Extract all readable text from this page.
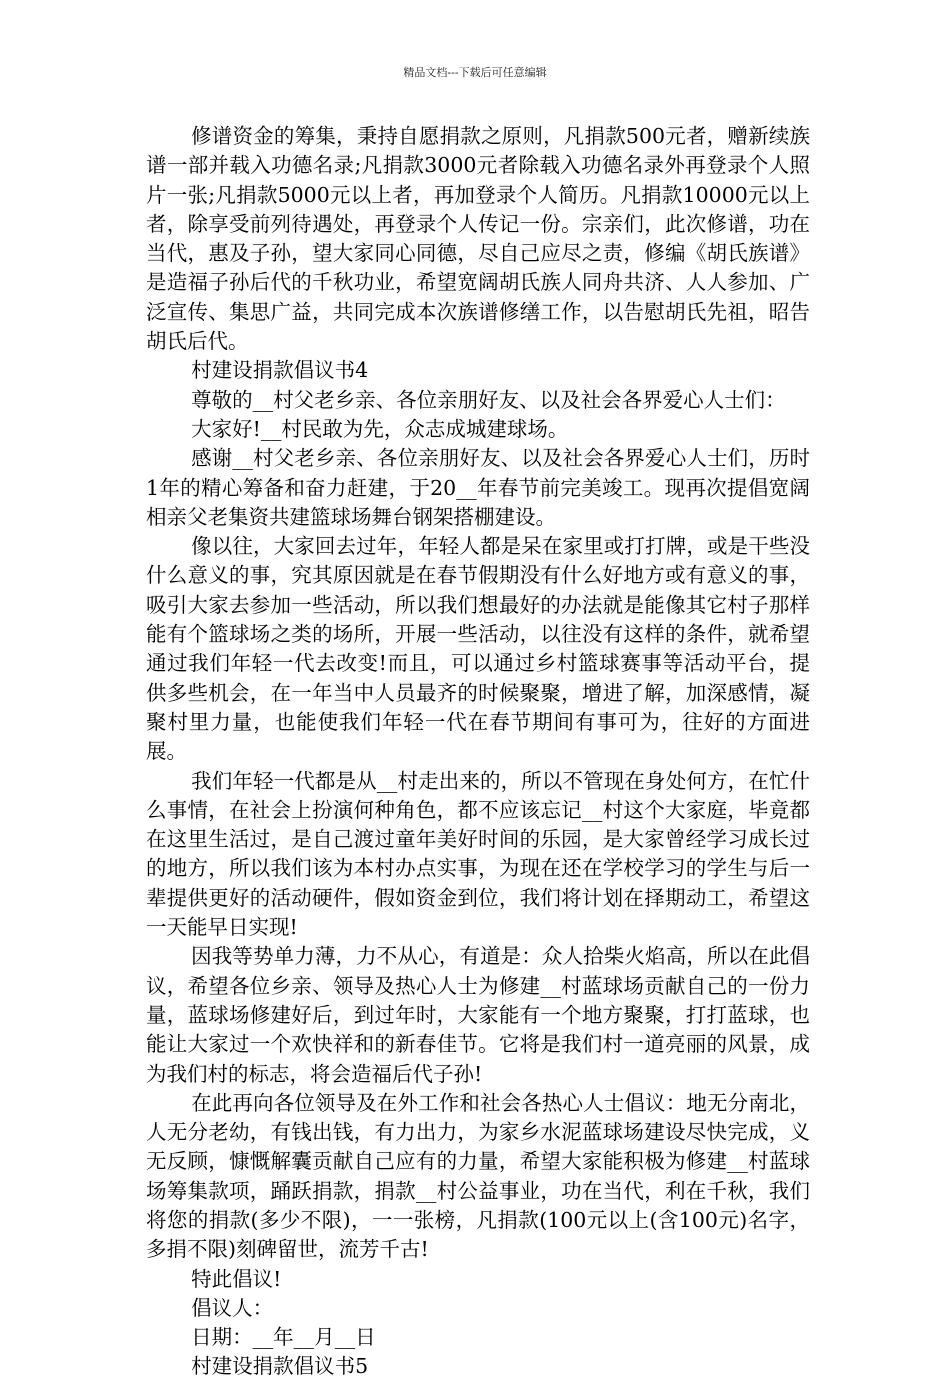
精品文档---下载后可任意编辑

修谱资金的筹集，秉持自愿捐款之原则，凡捐款500元者，赠新续族谱一部并载入功德名录;凡捐款3000元者除载入功德名录外再登录个人照片一张;凡捐款5000元以上者，再加登录个人简历。凡捐款10000元以上者，除享受前列待遇处，再登录个人传记一份。宗亲们，此次修谱，功在当代，惠及子孙，望大家同心同德，尽自己应尽之责，修编《胡氏族谱》是造福子孙后代的千秋功业，希望宽阔胡氏族人同舟共济、人人参加、广泛宣传、集思广益，共同完成本次族谱修缮工作，以告慰胡氏先祖，昭告胡氏后代。

村建设捐款倡议书4

尊敬的__村父老乡亲、各位亲朋好友、以及社会各界爱心人士们：

大家好!__村民敢为先，众志成城建球场。

感谢__村父老乡亲、各位亲朋好友、以及社会各界爱心人士们，历时1年的精心筹备和奋力赶建，于20__年春节前完美竣工。现再次提倡宽阔相亲父老集资共建篮球场舞台钢架搭棚建设。

像以往，大家回去过年，年轻人都是呆在家里或打打牌，或是干些没什么意义的事，究其原因就是在春节假期没有什么好地方或有意义的事，吸引大家去参加一些活动，所以我们想最好的办法就是能像其它村子那样能有个篮球场之类的场所，开展一些活动，以往没有这样的条件，就希望通过我们年轻一代去改变!而且，可以通过乡村篮球赛事等活动平台，提供多些机会，在一年当中人员最齐的时候聚聚，增进了解，加深感情，凝聚村里力量，也能使我们年轻一代在春节期间有事可为，往好的方面进展。

我们年轻一代都是从__村走出来的，所以不管现在身处何方，在忙什么事情，在社会上扮演何种角色，都不应该忘记__村这个大家庭，毕竟都在这里生活过，是自己渡过童年美好时间的乐园，是大家曾经学习成长过的地方，所以我们该为本村办点实事，为现在还在学校学习的学生与后一辈提供更好的活动硬件，假如资金到位，我们将计划在择期动工，希望这一天能早日实现!

因我等势单力薄，力不从心，有道是：众人拾柴火焰高，所以在此倡议，希望各位乡亲、领导及热心人士为修建__村蓝球场贡献自己的一份力量，蓝球场修建好后，到过年时，大家能有一个地方聚聚，打打蓝球，也能让大家过一个欢快祥和的新春佳节。它将是我们村一道亮丽的风景，成为我们村的标志，将会造福后代子孙!

在此再向各位领导及在外工作和社会各热心人士倡议：地无分南北，人无分老幼，有钱出钱，有力出力，为家乡水泥蓝球场建设尽快完成，义无反顾，慷慨解囊贡献自己应有的力量，希望大家能积极为修建__村蓝球场筹集款项，踊跃捐款，捐款__村公益事业，功在当代，利在千秋，我们将您的捐款(多少不限)，一一张榜，凡捐款(100元以上(含100元)名字，多捐不限)刻碑留世，流芳千古!

特此倡议!

倡议人：

日期：__年__月__日

村建设捐款倡议书5
